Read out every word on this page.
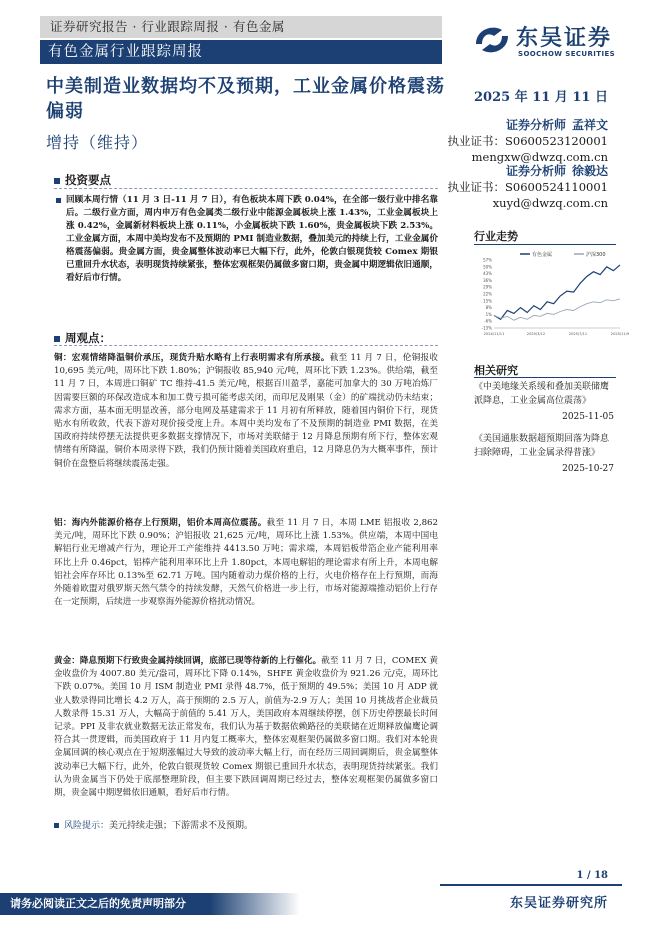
证券研究报告 · 行业跟踪周报 · 有色金属
有色金属行业跟踪周报
东吴证券
SOOCHOW SECURITIES
中美制造业数据均不及预期，工业金属价格震荡偏弱
增持（维持）
2025 年 11 月 11 日
证券分析师 孟祥文
执业证书：S0600523120001
mengxw@dwzq.com.cn
证券分析师 徐毅达
执业证书：S0600524110001
xuyd@dwzq.com.cn
投资要点

回顾本周行情（11 月 3 日-11 月 7 日），有色板块本周下跌 0.04%，在全部一级行业中排名靠后。二级行业方面，周内申万有色金属类二级行业中能源金属板块上涨 1.43%，工业金属板块上涨 0.42%，金属新材料板块上涨 0.11%，小金属板块下跌 1.60%，贵金属板块下跌 2.53%。工业金属方面，本周中美均发布不及预期的 PMI 制造业数据，叠加美元的持续上行，工业金属价格震荡偏弱。贵金属方面，贵金属整体波动率已大幅下行，此外，伦敦白银现货较 Comex 期银已重回升水状态，表明现货持续紧张，整体宏观框架仍属做多窗口期，贵金属中期逻辑依旧通顺，看好后市行情。

周观点：
铜：宏观情绪降温铜价承压，现货升贴水略有上行表明需求有所承接。截至 11 月 7 日，伦铜报收 10,695 美元/吨，周环比下跌 1.80%；沪铜报收 85,940 元/吨，周环比下跌 1.23%。供给端，截至 11 月 7 日，本周进口铜矿 TC 维持-41.5 美元/吨，根据百川盈孚，嘉能可加拿大的 30 万吨冶炼厂因需要巨额的环保改造成本和加工费亏损可能考虑关闭，而印尼及刚果（金）的矿端扰动仍未结束；需求方面，基本面无明显改善，部分电网及基建需求于 11 月初有所释放，随着国内铜价下行，现货贴水有所收敛，代表下游对现价接受度上升。本周中美均发布了不及预期的制造业 PMI 数据，在美国政府持续停摆无法提供更多数据支撑情况下，市场对美联储于 12 月降息预期有所下行，整体宏观情绪有所降温，铜价本周录得下跌，我们仍预计随着美国政府重启，12 月降息仍为大概率事件，预计铜价在盘整后将继续震荡走强。
铝：海内外能源价格存上行预期，铝价本周高位震荡。截至 11 月 7 日，本周 LME 铝报收 2,862 美元/吨，周环比下跌 0.90%；沪铝报收 21,625 元/吨，周环比上涨 1.53%。供应端，本周中国电解铝行业无增减产行为，理论开工产能维持 4413.50 万吨；需求端，本周铝板带箔企业产能利用率环比上升 0.46pct，铝棒产能利用率环比上升 1.80pct，本周电解铝的理论需求有所上升，本周电解铝社会库存环比 0.13%至 62.71 万吨。国内随着动力煤价格的上行，火电价格存在上行预期，而海外随着欧盟对俄罗斯天然气禁令的持续发酵，天然气价格进一步上行，市场对能源端推动铝价上行存在一定预期，后续进一步观察海外能源价格扰动情况。
黄金：降息预期下行致贵金属持续回调，底部已现等待新的上行催化。截至 11 月 7 日，COMEX 黄金收盘价为 4007.80 美元/盎司，周环比下降 0.14%，SHFE 黄金收盘价为 921.26 元/克，周环比下跌 0.07%。美国 10 月 ISM 制造业 PMI 录得 48.7%，低于预期的 49.5%；美国 10 月 ADP 就业人数录得同比增长 4.2 万人，高于预期的 2.5 万人，前值为-2.9 万人；美国 10 月挑战者企业裁员人数录得 15.31 万人，大幅高于前值的 5.41 万人，美国政府本周继续停摆，创下历史停摆最长时间记录。PPI 及非农就业数据无法正常发布，我们认为基于数据依赖路径的美联储在近期释放偏鹰论调符合其一贯逻辑，而美国政府于 11 月内复工概率大，整体宏观框架仍属做多窗口期。我们对本轮贵金属回调的核心观点在于短期涨幅过大导致的波动率大幅上行，而在经历三周回调期后，贵金属整体波动率已大幅下行，此外，伦敦白银现货较 Comex 期银已重回升水状态，表明现货持续紧张。我们认为贵金属当下仍处于底部整理阶段，但主要下跌回调周期已经过去，整体宏观框架仍属做多窗口期，贵金属中期逻辑依旧通顺，看好后市行情。
风险提示：美元持续走强；下游需求不及预期。
行业走势
有色金属	沪深300
57%
50%
43%
36%
29%
22%
15%
8%
1%
-6%
-13%
2024/11/11	2025/3/12	2025/7/11	2025/11/9
相关研究
《中美地缘关系缓和叠加美联储鹰派降息，工业金属高位震荡》
2025-11-05
《美国通胀数据超预期回落为降息扫除障碍，工业金属录得普涨》
2025-10-27
1 / 18
请务必阅读正文之后的免责声明部分	东吴证券研究所
